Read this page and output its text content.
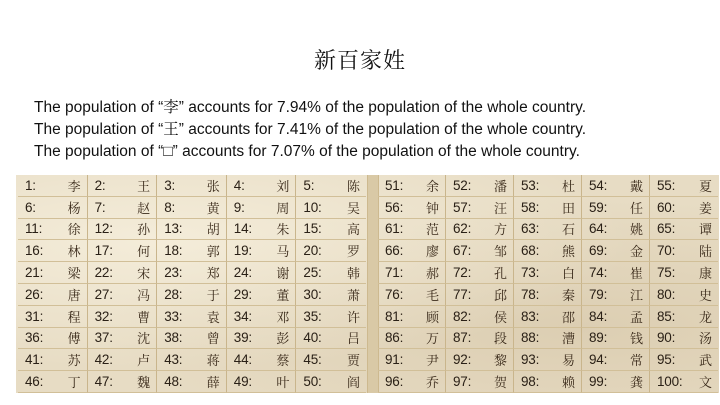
新百家姓
The population of “李” accounts for 7.94% of the population of the whole country.
The population of “王” accounts for 7.41% of the population of the whole country.
The population of “□” accounts for 7.07% of the population of the whole country.
1: 李 2: 王 3: 张 4: 刘 5:	陈
6: 杨 7: 赵 8: 黄 9: 周 10: 吴
11: 徐 12: 孙 13: 胡 14: 朱 15: 高
16: 林 17: 何 18: 郭 19: 马 20: 罗
21: 梁 22: 宋 23: 郑 24: 谢 25: 韩
26: 唐 27: 冯 28: 于 29: 董 30: 萧
31: 程 32: 曹 33: 袁 34: 邓 35: 许
36: 傅 37: 沈 38: 曾 39: 彭 40: 吕
41: 苏 42: 卢 43: 蒋 44: 蔡 45: 贾
46: 丁 47: 魏 48: 薛 49: 叶 50: 阎
51: 余 52: 潘 53: 杜 54: 戴 55: 夏
56: 钟 57: 汪 58: 田 59: 任 60: 姜
61: 范 62: 方 63: 石 64: 姚 65: 谭
66: 廖 67: 邹 68: 熊 69: 金 70: 陆
71: 郝 72: 孔 73: 白 74: 崔 75: 康
76: 毛 77: 邱 78: 秦 79: 江 80: 史
81: 顾 82: 侯 83: 邵 84: 孟 85: 龙
86: 万 87: 段 88: 漕 89: 钱 90: 汤
91: 尹 92: 黎 93: 易 94: 常 95: 武
96: 乔 97: 贺 98: 赖 99: 龚 100: 文
